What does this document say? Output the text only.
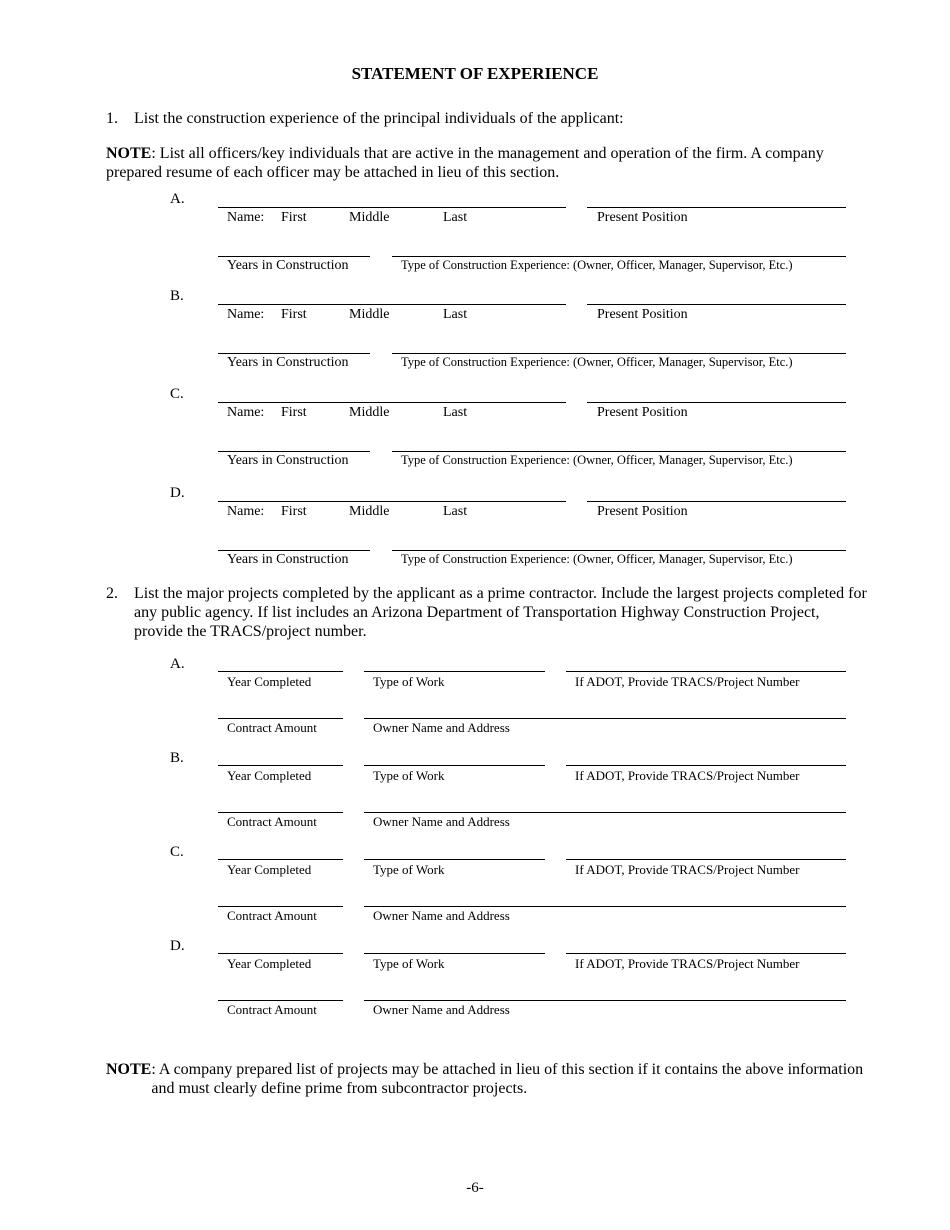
STATEMENT OF EXPERIENCE
1. List the construction experience of the principal individuals of the applicant:
NOTE: List all officers/key individuals that are active in the management and operation of the firm. A company prepared resume of each officer may be attached in lieu of this section.
A.
Name: First	Middle	Last	Present Position
Years in Construction	Type of Construction Experience: (Owner, Officer, Manager, Supervisor, Etc.)
B.
Name: First	Middle	Last	Present Position
Years in Construction	Type of Construction Experience: (Owner, Officer, Manager, Supervisor, Etc.)
C.
Name: First	Middle	Last	Present Position
Years in Construction	Type of Construction Experience: (Owner, Officer, Manager, Supervisor, Etc.)
D.
Name: First	Middle	Last	Present Position
Years in Construction	Type of Construction Experience: (Owner, Officer, Manager, Supervisor, Etc.)
2. List the major projects completed by the applicant as a prime contractor. Include the largest projects completed for any public agency. If list includes an Arizona Department of Transportation Highway Construction Project, provide the TRACS/project number.
A.
Year Completed	Type of Work	If ADOT, Provide TRACS/Project Number
Contract Amount	Owner Name and Address
B.
Year Completed	Type of Work	If ADOT, Provide TRACS/Project Number
Contract Amount	Owner Name and Address
C.
Year Completed	Type of Work	If ADOT, Provide TRACS/Project Number
Contract Amount	Owner Name and Address
D.
Year Completed	Type of Work	If ADOT, Provide TRACS/Project Number
Contract Amount	Owner Name and Address
NOTE : A company prepared list of projects may be attached in lieu of this section if it contains the above information and must clearly define prime from subcontractor projects.
-6-
